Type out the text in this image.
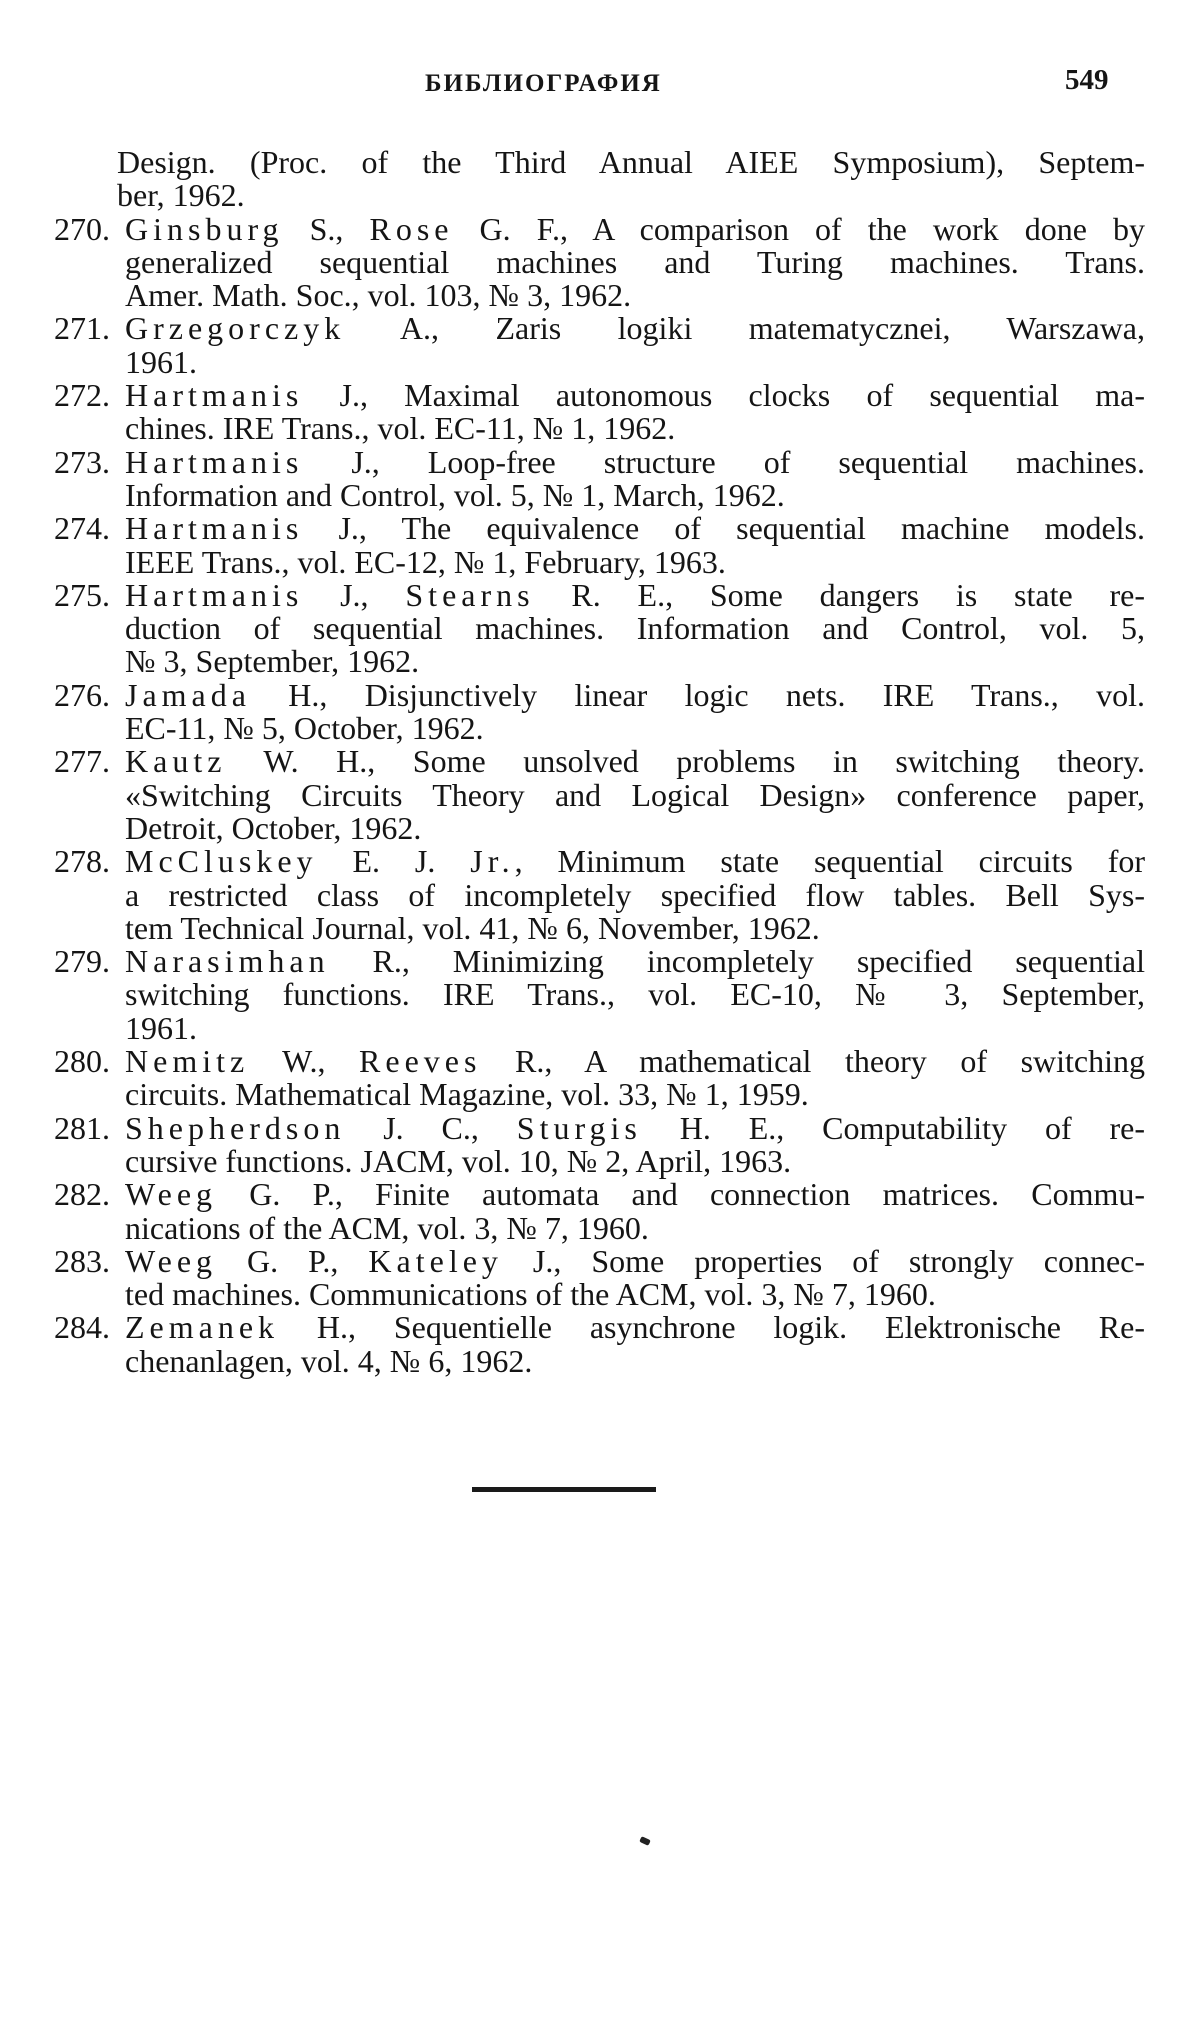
БИБЛИОГРАФИЯ	549
Design. (Proc. of the Third Annual AIEE Symposium), Septem-
ber, 1962.
270. Ginsburg S., Rose G. F., A comparison of the work done by
generalized sequential machines and Turing machines. Trans.
Amer. Math. Soc., vol. 103, № 3, 1962.
271. Grzegorczyk A., Zaris logiki matematycznei, Warszawa,
1961.
272. Hartmanis J., Maximal autonomous clocks of sequential ma-
chines. IRE Trans., vol. EC-11, № 1, 1962.
273. Hartmanis J., Loop-free structure of sequential machines.
Information and Control, vol. 5, № 1, March, 1962.
274. Hartmanis J., The equivalence of sequential machine models.
IEEE Trans., vol. EC-12, № 1, February, 1963.
275. Hartmanis J., Stearns R. E., Some dangers is state re-
duction of sequential machines. Information and Control, vol. 5,
№ 3, September, 1962.
276. Jamada H., Disjunctively linear logic nets. IRE Trans., vol.
EC-11, № 5, October, 1962.
277. Kautz W. H., Some unsolved problems in switching theory.
«Switching Circuits Theory and Logical Design» conference paper,
Detroit, October, 1962.
278. McCluskey E. J. Jr., Minimum state sequential circuits for
a restricted class of incompletely specified flow tables. Bell Sys-
tem Technical Journal, vol. 41, № 6, November, 1962.
279. Narasimhan R., Minimizing incompletely specified sequential
switching functions. IRE Trans., vol. EC-10, № 3, September,
1961.
280. Nemitz W., Reeves R., A mathematical theory of switching
circuits. Mathematical Magazine, vol. 33, № 1, 1959.
281. Shepherdson J. C., Sturgis H. E., Computability of re-
cursive functions. JACM, vol. 10, № 2, April, 1963.
282. Weeg G. P., Finite automata and connection matrices. Commu-
nications of the ACM, vol. 3, № 7, 1960.
283. Weeg G. P., Kateley J., Some properties of strongly connec-
ted machines. Communications of the ACM, vol. 3, № 7, 1960.
284. Zemanek H., Sequentielle asynchrone logik. Elektronische Re-
chenanlagen, vol. 4, № 6, 1962.
